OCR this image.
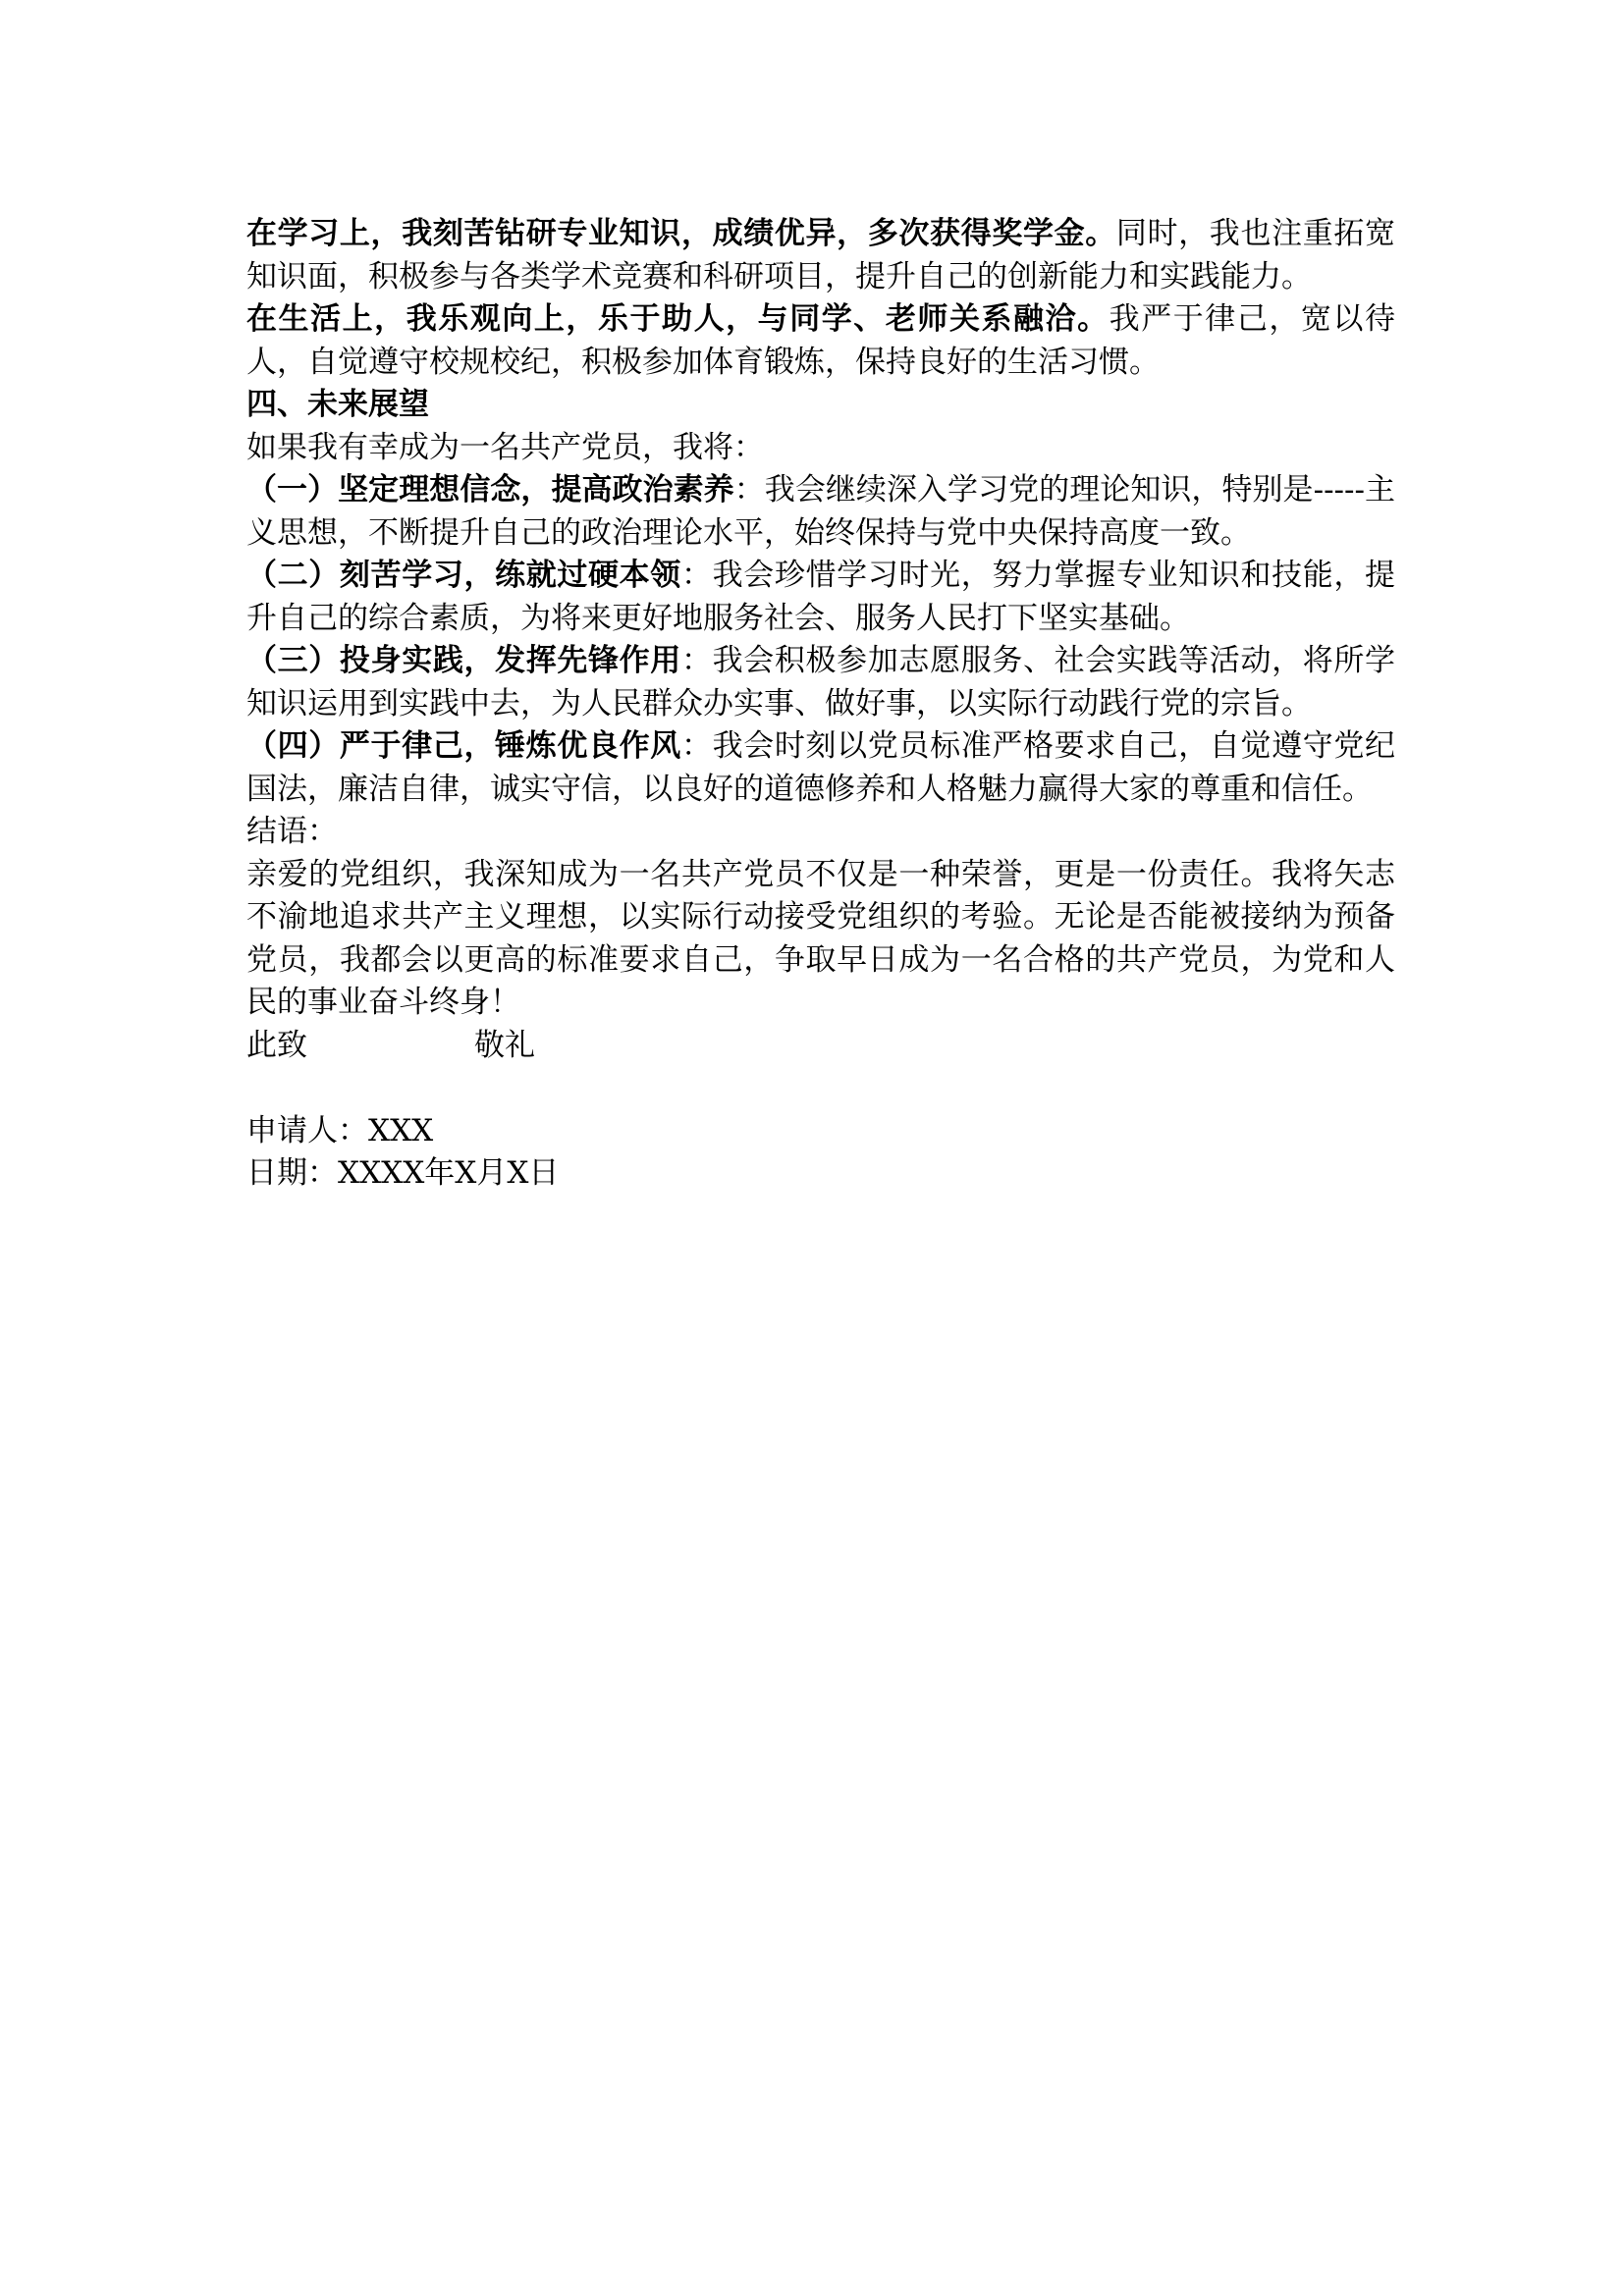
在学习上，我刻苦钻研专业知识，成绩优异，多次获得奖学金。同时，我也注重拓宽知识面，积极参与各类学术竞赛和科研项目，提升自己的创新能力和实践能力。

在生活上，我乐观向上，乐于助人，与同学、老师关系融洽。我严于律己，宽以待人，自觉遵守校规校纪，积极参加体育锻炼，保持良好的生活习惯。

四、未来展望

如果我有幸成为一名共产党员，我将：

（一）坚定理想信念，提高政治素养：我会继续深入学习党的理论知识，特别是-----主义思想，不断提升自己的政治理论水平，始终保持与党中央保持高度一致。

（二）刻苦学习，练就过硬本领：我会珍惜学习时光，努力掌握专业知识和技能，提升自己的综合素质，为将来更好地服务社会、服务人民打下坚实基础。

（三）投身实践，发挥先锋作用：我会积极参加志愿服务、社会实践等活动，将所学知识运用到实践中去，为人民群众办实事、做好事，以实际行动践行党的宗旨。

（四）严于律己，锤炼优良作风：我会时刻以党员标准严格要求自己，自觉遵守党纪国法，廉洁自律，诚实守信，以良好的道德修养和人格魅力赢得大家的尊重和信任。

结语：

亲爱的党组织，我深知成为一名共产党员不仅是一种荣誉，更是一份责任。我将矢志不渝地追求共产主义理想，以实际行动接受党组织的考验。无论是否能被接纳为预备党员，我都会以更高的标准要求自己，争取早日成为一名合格的共产党员，为党和人民的事业奋斗终身！

此致	敬礼

申请人：XXX

日期：XXXX年X月X日
